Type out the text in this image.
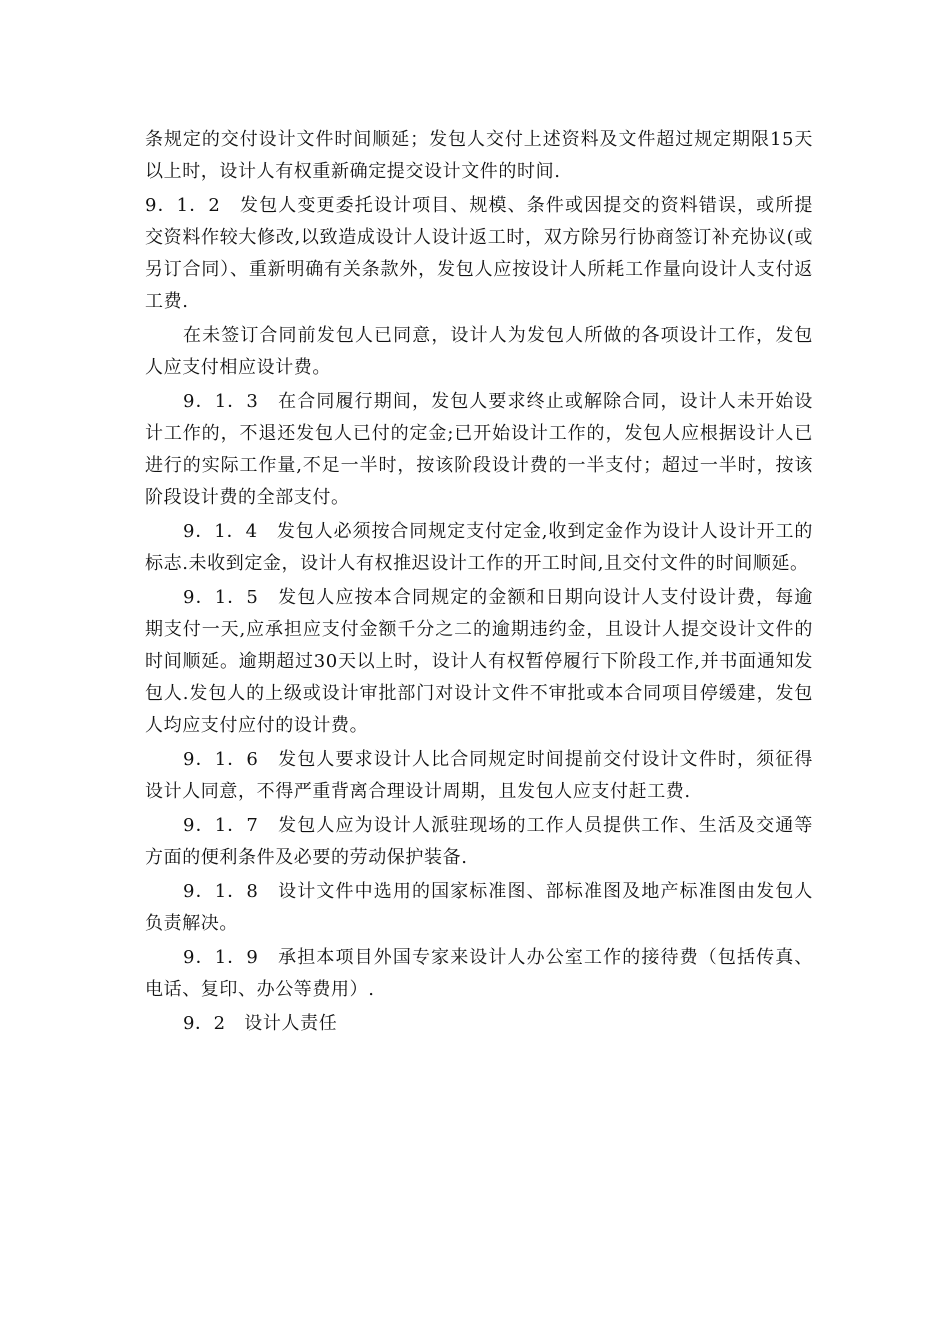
条规定的交付设计文件时间顺延；发包人交付上述资料及文件超过规定期限15天以上时，设计人有权重新确定提交设计文件的时间.

9．1．2　发包人变更委托设计项目、规模、条件或因提交的资料错误，或所提交资料作较大修改,以致造成设计人设计返工时，双方除另行协商签订补充协议(或另订合同）、重新明确有关条款外，发包人应按设计人所耗工作量向设计人支付返工费.

在未签订合同前发包人已同意，设计人为发包人所做的各项设计工作，发包人应支付相应设计费。

9．1．3　在合同履行期间，发包人要求终止或解除合同，设计人未开始设计工作的，不退还发包人已付的定金;已开始设计工作的，发包人应根据设计人已进行的实际工作量,不足一半时，按该阶段设计费的一半支付；超过一半时，按该阶段设计费的全部支付。

9．1．4　发包人必须按合同规定支付定金,收到定金作为设计人设计开工的标志.未收到定金，设计人有权推迟设计工作的开工时间,且交付文件的时间顺延。

9．1．5　发包人应按本合同规定的金额和日期向设计人支付设计费，每逾期支付一天,应承担应支付金额千分之二的逾期违约金，且设计人提交设计文件的时间顺延。逾期超过30天以上时，设计人有权暂停履行下阶段工作,并书面通知发包人.发包人的上级或设计审批部门对设计文件不审批或本合同项目停缓建，发包人均应支付应付的设计费。

9．1．6　发包人要求设计人比合同规定时间提前交付设计文件时，须征得设计人同意，不得严重背离合理设计周期，且发包人应支付赶工费.

9．1．7　发包人应为设计人派驻现场的工作人员提供工作、生活及交通等方面的便利条件及必要的劳动保护装备.

9．1．8　设计文件中选用的国家标准图、部标准图及地产标准图由发包人负责解决。

9．1．9　承担本项目外国专家来设计人办公室工作的接待费（包括传真、电话、复印、办公等费用）.

9．2　设计人责任
